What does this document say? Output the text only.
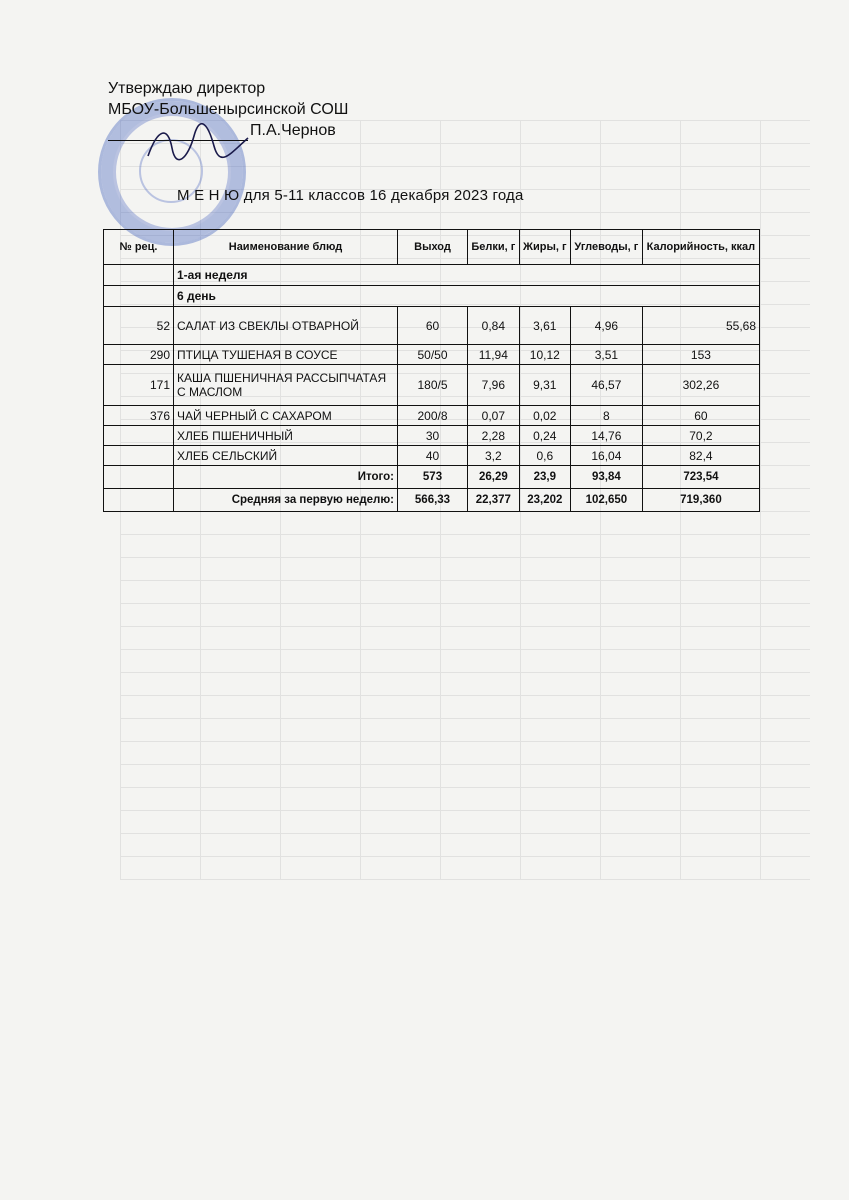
Утверждаю директор
МБОУ-Большеныpсинской СОШ
П.А.Чернов
М Е Н Ю для 5-11 классов 16 декабря 2023 года
№ рец.	Наименование блюд	Выход	Белки, г	Жиры, г	Углеводы, г	Калорийность, ккал
	1-ая неделя					
	6 день					
52	САЛАТ ИЗ СВЕКЛЫ ОТВАРНОЙ	60	0,84	3,61	4,96	55,68
290	ПТИЦА ТУШЕНАЯ В СОУСЕ	50/50	11,94	10,12	3,51	153
171	КАША ПШЕНИЧНАЯ РАССЫПЧАТАЯ С МАСЛОМ	180/5	7,96	9,31	46,57	302,26
376	ЧАЙ ЧЕРНЫЙ С САХАРОМ	200/8	0,07	0,02	8	60
	ХЛЕБ ПШЕНИЧНЫЙ	30	2,28	0,24	14,76	70,2
	ХЛЕБ СЕЛЬСКИЙ	40	3,2	0,6	16,04	82,4
	Итого:	573	26,29	23,9	93,84	723,54
	Средняя за первую неделю:	566,33	22,377	23,202	102,650	719,360
